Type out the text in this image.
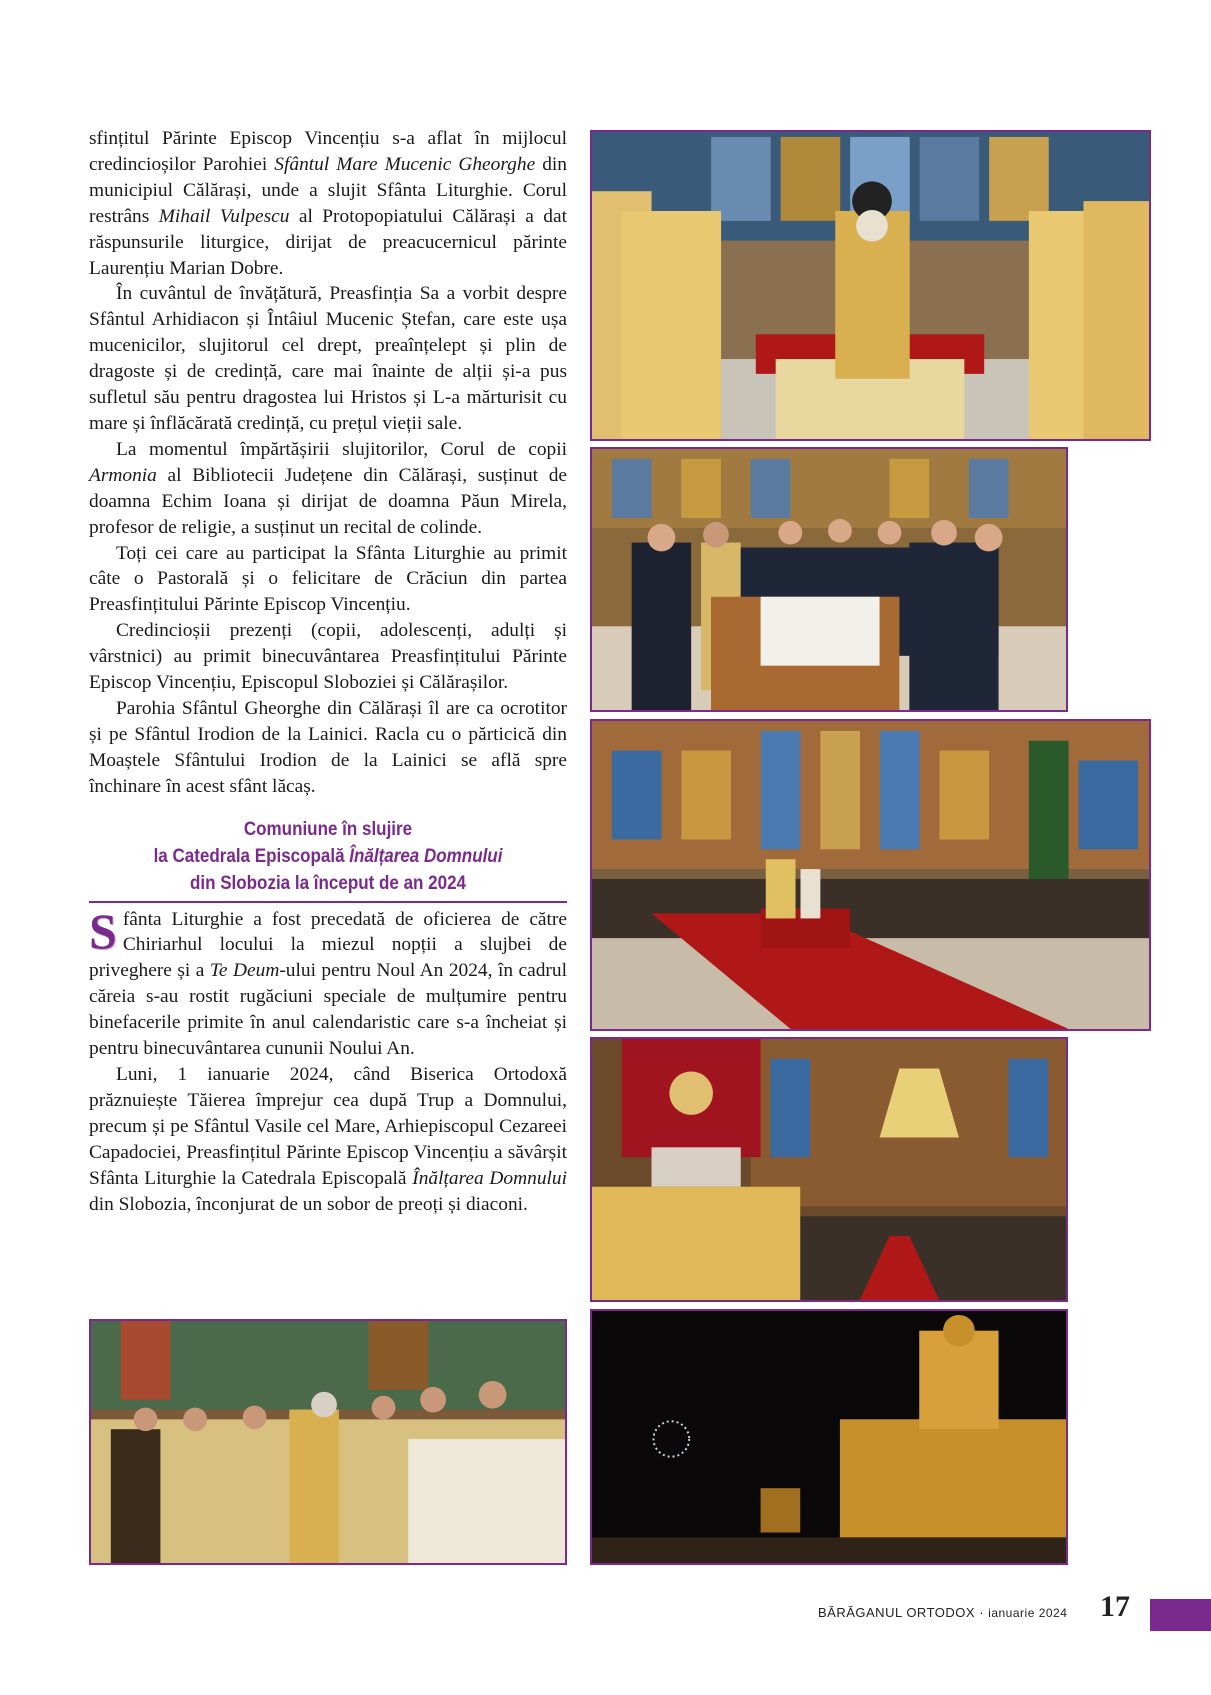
sfințitul Părinte Episcop Vincențiu s-a aflat în mijlocul credincioșilor Parohiei Sfântul Mare Mucenic Gheorghe din municipiul Călărași, unde a slujit Sfânta Liturghie. Corul restrâns Mihail Vulpescu al Protopopiatului Călărași a dat răspunsurile liturgice, dirijat de preacucernicul părinte Laurențiu Marian Dobre.

În cuvântul de învățătură, Preasfinția Sa a vorbit despre Sfântul Arhidiacon și Întâiul Mucenic Ștefan, care este ușa mucenicilor, slujitorul cel drept, preaînțelept și plin de dragoste și de credință, care mai înainte de alții și-a pus sufletul său pentru dragostea lui Hristos și L-a mărturisit cu mare și înflăcărată credință, cu prețul vieții sale.

La momentul împărtășirii slujitorilor, Corul de copii Armonia al Bibliotecii Județene din Călărași, susținut de doamna Echim Ioana și dirijat de doamna Păun Mirela, profesor de religie, a susținut un recital de colinde.

Toți cei care au participat la Sfânta Liturghie au primit câte o Pastorală și o felicitare de Crăciun din partea Preasfințitului Părinte Episcop Vincențiu.

Credincioșii prezenți (copii, adolescenți, adulți și vârstnici) au primit binecuvântarea Preasfințitului Părinte Episcop Vincențiu, Episcopul Sloboziei și Călărașilor.

Parohia Sfântul Gheorghe din Călărași îl are ca ocrotitor și pe Sfântul Irodion de la Lainici. Racla cu o părticică din Moaștele Sfântului Irodion de la Lainici se află spre închinare în acest sfânt lăcaș.

Comuniune în slujire
la Catedrala Episcopală Înălțarea Domnului
din Slobozia la început de an 2024

Sfânta Liturghie a fost precedată de oficierea de către Chiriarhul locului la miezul nopții a slujbei de priveghere și a Te Deum-ului pentru Noul An 2024, în cadrul căreia s-au rostit rugăciuni speciale de mulțumire pentru binefacerile primite în anul calendaristic care s-a încheiat și pentru binecuvântarea cununii Noului An.

Luni, 1 ianuarie 2024, când Biserica Ortodoxă prăznuiește Tăierea împrejur cea după Trup a Domnului, precum și pe Sfântul Vasile cel Mare, Arhiepiscopul Cezareei Capadociei, Preasfințitul Părinte Episcop Vincențiu a săvârșit Sfânta Liturghie la Catedrala Episcopală Înălțarea Domnului din Slobozia, înconjurat de un sobor de preoți și diaconi.

BĂRĂGANUL ORTODOX · ianuarie 2024 17
